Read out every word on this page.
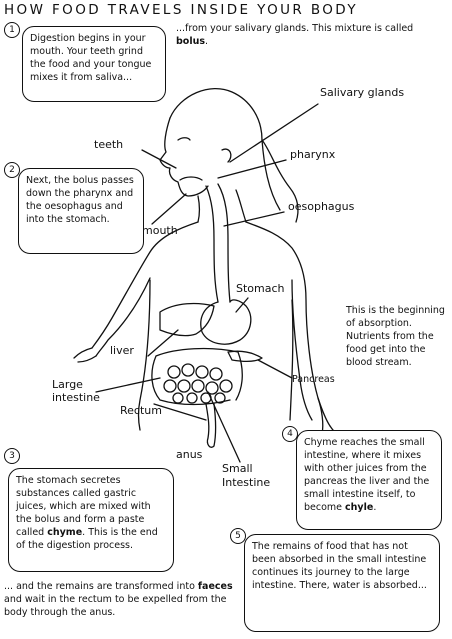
HOW FOOD TRAVELS INSIDE YOUR BODY
1
Digestion begins in your mouth. Your teeth grind the food and your tongue mixes it from saliva...
...from your salivary glands. This mixture is called bolus.
2
Next, the bolus passes down the pharynx and the oesophagus and into the stomach.
Salivary glands
pharynx
teeth
oesophagus
mouth
Stomach
liver
Large intestine
Pancreas
Rectum
anus
Small Intestine
This is the beginning of absorption. Nutrients from the food get into the blood stream.
3
The stomach secretes substances called gastric juices, which are mixed with the bolus and form a paste called chyme. This is the end of the digestion process.
4
Chyme reaches the small intestine, where it mixes with other juices from the pancreas the liver and the small intestine itself, to become chyle.
5
The remains of food that has not been absorbed in the small intestine continues its journey to the large intestine. There, water is absorbed...
... and the remains are transformed into faeces and wait in the rectum to be expelled from the body through the anus.
